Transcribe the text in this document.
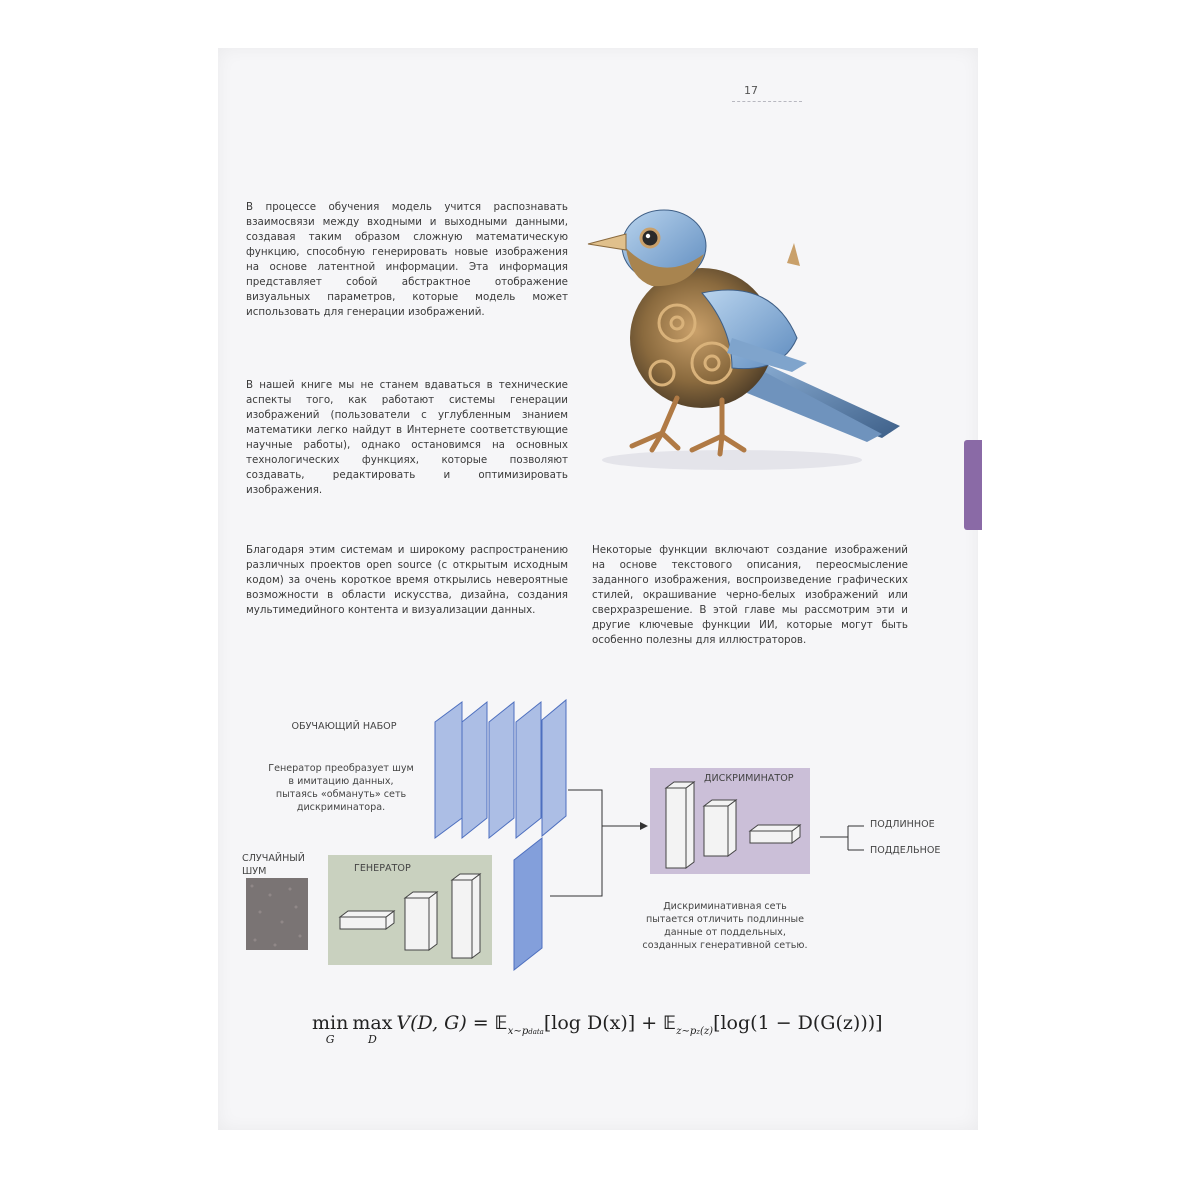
17

В процессе обучения модель учится распознавать взаимосвязи между входными и выходными данными, создавая таким образом сложную математическую функцию, способную генерировать новые изображения на основе латентной информации. Эта информация представляет собой абстрактное отображение визуальных параметров, которые модель может использовать для генерации изображений.

В нашей книге мы не станем вдаваться в технические аспекты того, как работают системы генерации изображений (пользователи с углубленным знанием математики легко найдут в Интернете соответствующие научные работы), однако остановимся на основных технологических функциях, которые позволяют создавать, редактировать и оптимизировать изображения.

Благодаря этим системам и широкому распространению различных проектов open source (с открытым исходным кодом) за очень короткое время открылись невероятные возможности в области искусства, дизайна, создания мультимедийного контента и визуализации данных.

Некоторые функции включают создание изображений на основе текстового описания, переосмысление заданного изображения, воспроизведение графических стилей, окрашивание черно-белых изображений или сверхразрешение. В этой главе мы рассмотрим эти и другие ключевые функции ИИ, которые могут быть особенно полезны для иллюстраторов.

ОБУЧАЮЩИЙ НАБОР
Генератор преобразует шум в имитацию данных, пытаясь «обмануть» сеть дискриминатора.
СЛУЧАЙНЫЙ ШУМ	ГЕНЕРАТОР
ДИСКРИМИНАТОР
ПОДЛИННОЕ
ПОДДЕЛЬНОЕ
Дискриминативная сеть пытается отличить подлинные данные от поддельных, созданных генеративной сетью.
min
G
max
D
V(D, G) = 𝔼$_{x\sim pdata}$[log D(x)] + 𝔼$_{z\sim pz(z)}$[log(1 − D(G(z)))]
